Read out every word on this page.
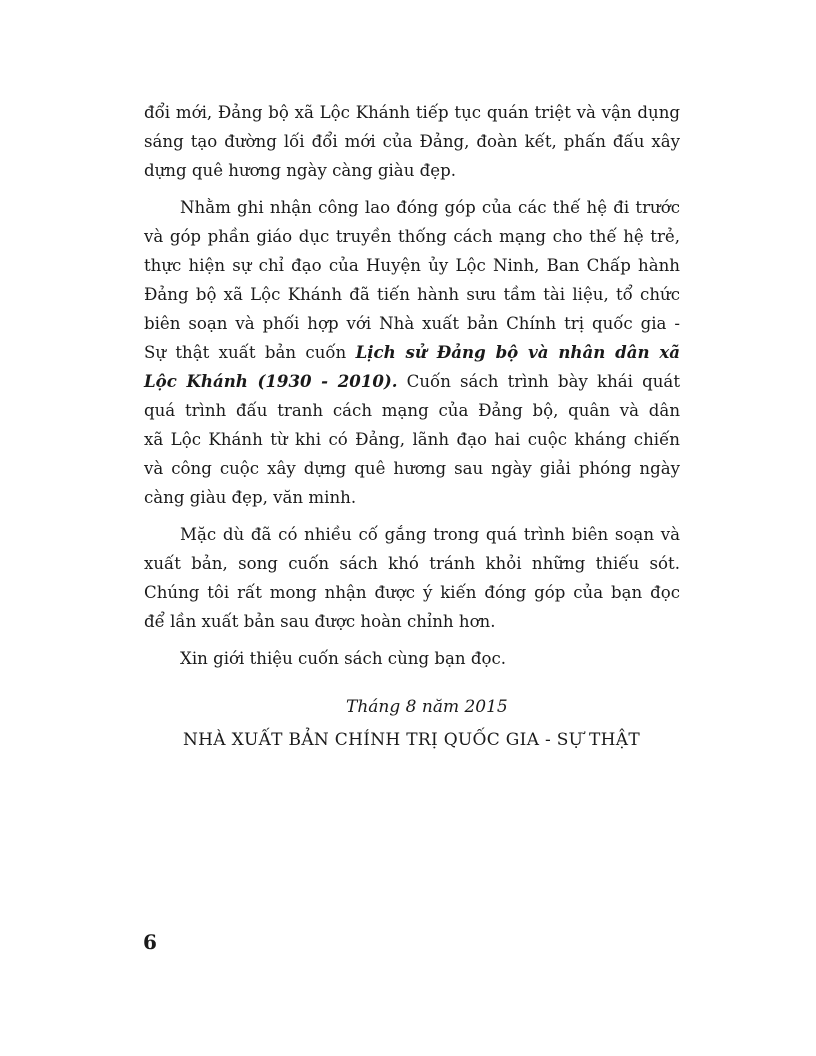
đổi mới, Đảng bộ xã Lộc Khánh tiếp tục quán triệt và vận dụng
sáng tạo đường lối đổi mới của Đảng, đoàn kết, phấn đấu xây
dựng quê hương ngày càng giàu đẹp.
Nhằm ghi nhận công lao đóng góp của các thế hệ đi trước
và góp phần giáo dục truyền thống cách mạng cho thế hệ trẻ,
thực hiện sự chỉ đạo của Huyện ủy Lộc Ninh, Ban Chấp hành
Đảng bộ xã Lộc Khánh đã tiến hành sưu tầm tài liệu, tổ chức
biên soạn và phối hợp với Nhà xuất bản Chính trị quốc gia -
Sự thật xuất bản cuốn Lịch sử Đảng bộ và nhân dân xã
Lộc Khánh (1930 - 2010). Cuốn sách trình bày khái quát
quá trình đấu tranh cách mạng của Đảng bộ, quân và dân
xã Lộc Khánh từ khi có Đảng, lãnh đạo hai cuộc kháng chiến
và công cuộc xây dựng quê hương sau ngày giải phóng ngày
càng giàu đẹp, văn minh.
Mặc dù đã có nhiều cố gắng trong quá trình biên soạn và
xuất bản, song cuốn sách khó tránh khỏi những thiếu sót.
Chúng tôi rất mong nhận được ý kiến đóng góp của bạn đọc
để lần xuất bản sau được hoàn chỉnh hơn.
Xin giới thiệu cuốn sách cùng bạn đọc.
Tháng 8 năm 2015
NHÀ XUẤT BẢN CHÍNH TRỊ QUỐC GIA - SỰ THẬT
6
